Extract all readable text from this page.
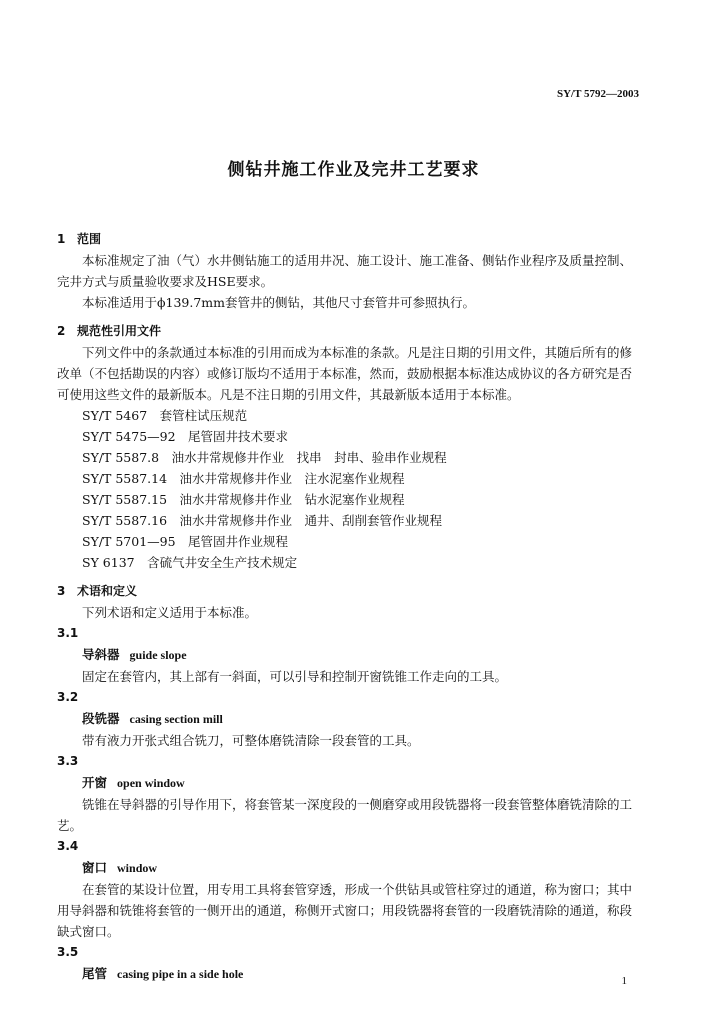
SY/T 5792—2003
侧钻井施工作业及完井工艺要求
1 范围
本标准规定了油（气）水井侧钻施工的适用井况、施工设计、施工准备、侧钻作业程序及质量控制、完井方式与质量验收要求及HSE要求。
本标准适用于ϕ139.7mm套管井的侧钻，其他尺寸套管井可参照执行。
2 规范性引用文件
下列文件中的条款通过本标准的引用而成为本标准的条款。凡是注日期的引用文件，其随后所有的修改单（不包括勘误的内容）或修订版均不适用于本标准，然而，鼓励根据本标准达成协议的各方研究是否可使用这些文件的最新版本。凡是不注日期的引用文件，其最新版本适用于本标准。
SY/T 5467　套管柱试压规范
SY/T 5475—92　尾管固井技术要求
SY/T 5587.8　油水井常规修井作业　找串　封串、验串作业规程
SY/T 5587.14　油水井常规修井作业　注水泥塞作业规程
SY/T 5587.15　油水井常规修井作业　钻水泥塞作业规程
SY/T 5587.16　油水井常规修井作业　通井、刮削套管作业规程
SY/T 5701—95　尾管固井作业规程
SY 6137　含硫气井安全生产技术规定
3 术语和定义
下列术语和定义适用于本标准。
3.1
导斜器 guide slope
固定在套管内，其上部有一斜面，可以引导和控制开窗铣锥工作走向的工具。
3.2
段铣器 casing section mill
带有液力开张式组合铣刀，可整体磨铣清除一段套管的工具。
3.3
开窗 open window
铣锥在导斜器的引导作用下，将套管某一深度段的一侧磨穿或用段铣器将一段套管整体磨铣清除的工艺。
3.4
窗口 window
在套管的某设计位置，用专用工具将套管穿透，形成一个供钻具或管柱穿过的通道，称为窗口；其中用导斜器和铣锥将套管的一侧开出的通道，称侧开式窗口；用段铣器将套管的一段磨铣清除的通道，称段缺式窗口。
3.5
尾管 casing pipe in a side hole	1
